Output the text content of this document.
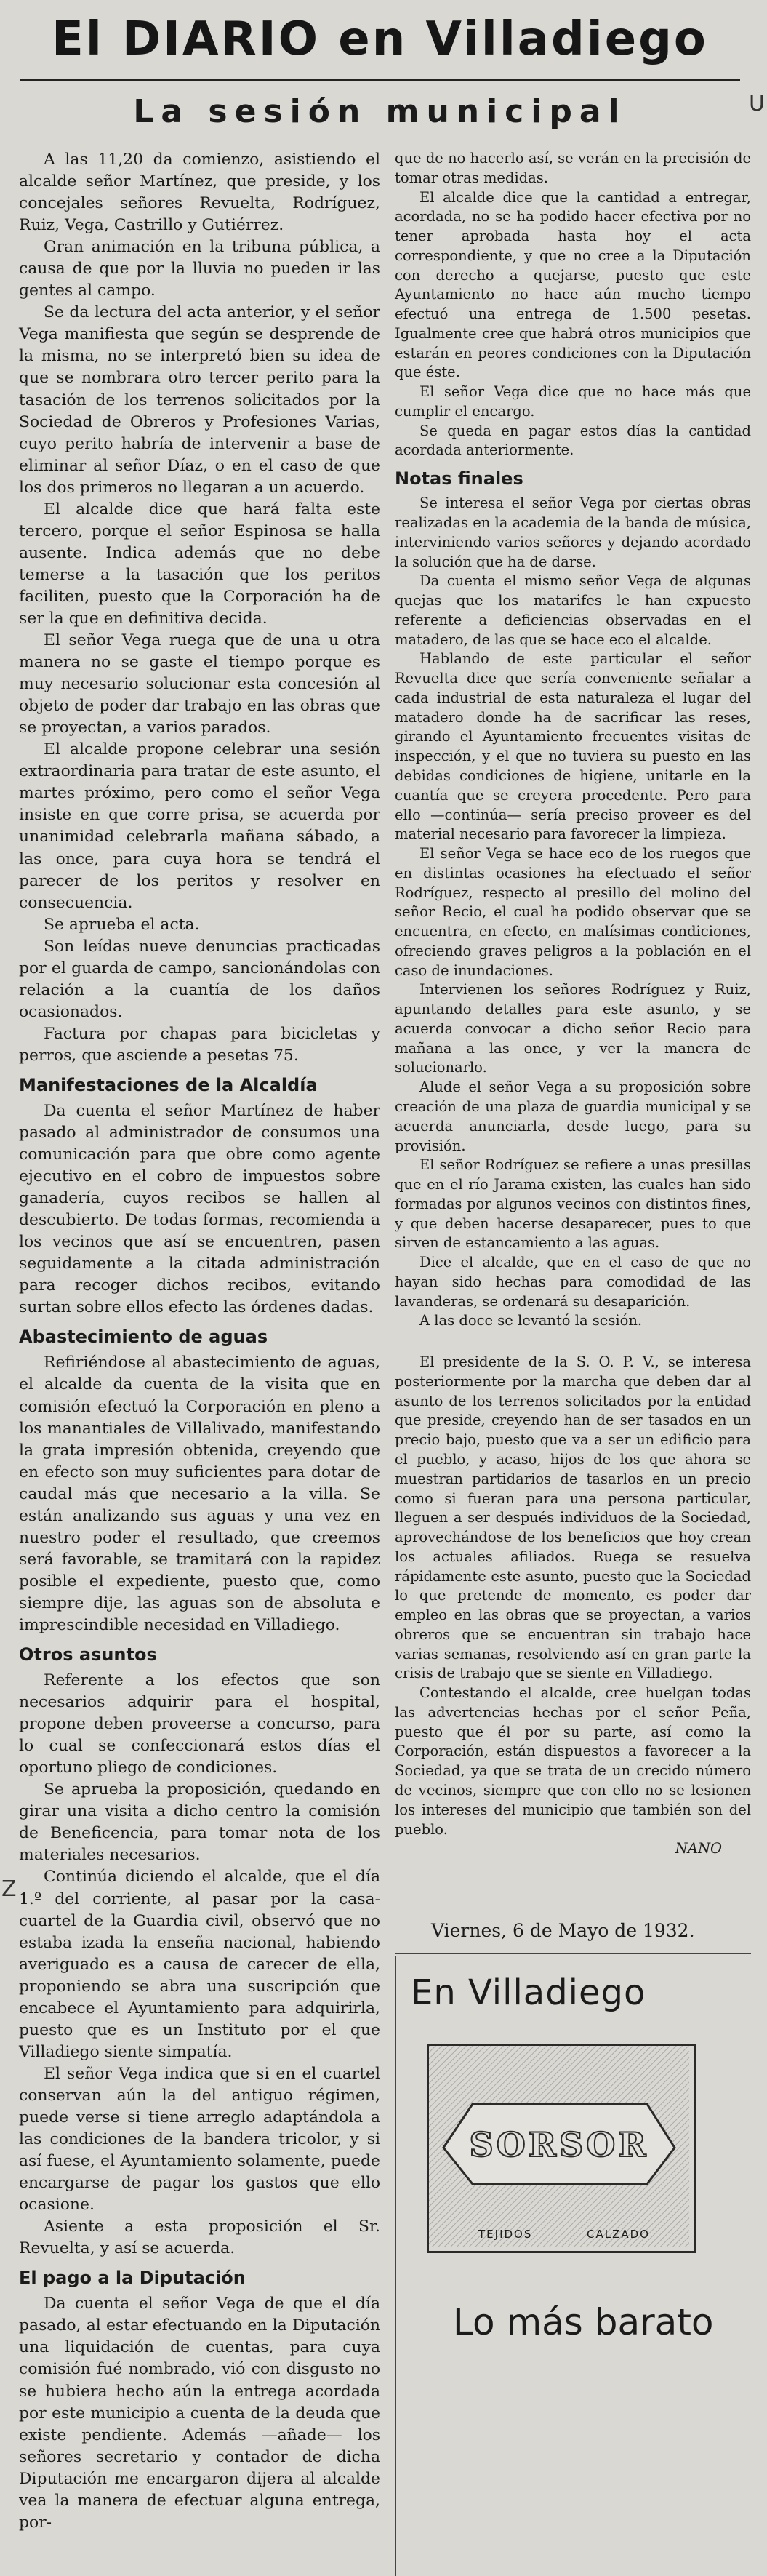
El DIARIO en Villadiego
La sesión municipal

A las 11,20 da comienzo, asistiendo el alcalde señor Martínez, que preside, y los concejales señores Revuelta, Rodríguez, Ruiz, Vega, Castrillo y Gutiérrez.

Gran animación en la tribuna pública, a causa de que por la lluvia no pueden ir las gentes al campo.

Se da lectura del acta anterior, y el señor Vega manifiesta que según se desprende de la misma, no se interpretó bien su idea de que se nombrara otro tercer perito para la tasación de los terrenos solicitados por la Sociedad de Obreros y Profesiones Varias, cuyo perito habría de intervenir a base de eliminar al señor Díaz, o en el caso de que los dos primeros no llegaran a un acuerdo.

El alcalde dice que hará falta este tercero, porque el señor Espinosa se halla ausente. Indica además que no debe temerse a la tasación que los peritos faciliten, puesto que la Corporación ha de ser la que en definitiva decida.

El señor Vega ruega que de una u otra manera no se gaste el tiempo porque es muy necesario solucionar esta concesión al objeto de poder dar trabajo en las obras que se proyectan, a varios parados.

El alcalde propone celebrar una sesión extraordinaria para tratar de este asunto, el martes próximo, pero como el señor Vega insiste en que corre prisa, se acuerda por unanimidad celebrarla mañana sábado, a las once, para cuya hora se tendrá el parecer de los peritos y resolver en consecuencia.

Se aprueba el acta.

Son leídas nueve denuncias practicadas por el guarda de campo, sancionándolas con relación a la cuantía de los daños ocasionados.

Factura por chapas para bicicletas y perros, que asciende a pesetas 75.

Manifestaciones de la Alcaldía

Da cuenta el señor Martínez de haber pasado al administrador de consumos una comunicación para que obre como agente ejecutivo en el cobro de impuestos sobre ganadería, cuyos recibos se hallen al descubierto. De todas formas, recomienda a los vecinos que así se encuentren, pasen seguidamente a la citada administración para recoger dichos recibos, evitando surtan sobre ellos efecto las órdenes dadas.

Abastecimiento de aguas

Refiriéndose al abastecimiento de aguas, el alcalde da cuenta de la visita que en comisión efectuó la Corporación en pleno a los manantiales de Villalivado, manifestando la grata impresión obtenida, creyendo que en efecto son muy suficientes para dotar de caudal más que necesario a la villa. Se están analizando sus aguas y una vez en nuestro poder el resultado, que creemos será favorable, se tramitará con la rapidez posible el expediente, puesto que, como siempre dije, las aguas son de absoluta e imprescindible necesidad en Villadiego.

Otros asuntos

Referente a los efectos que son necesarios adquirir para el hospital, propone deben proveerse a concurso, para lo cual se confeccionará estos días el oportuno pliego de condiciones.

Se aprueba la proposición, quedando en girar una visita a dicho centro la comisión de Beneficencia, para tomar nota de los materiales necesarios.

Continúa diciendo el alcalde, que el día 1.º del corriente, al pasar por la casa-cuartel de la Guardia civil, observó que no estaba izada la enseña nacional, habiendo averiguado es a causa de carecer de ella, proponiendo se abra una suscripción que encabece el Ayuntamiento para adquirirla, puesto que es un Instituto por el que Villadiego siente simpatía.

El señor Vega indica que si en el cuartel conservan aún la del antiguo régimen, puede verse si tiene arreglo adaptándola a las condiciones de la bandera tricolor, y si así fuese, el Ayuntamiento solamente, puede encargarse de pagar los gastos que ello ocasione.

Asiente a esta proposición el Sr. Revuelta, y así se acuerda.

El pago a la Diputación

Da cuenta el señor Vega de que el día pasado, al estar efectuando en la Diputación una liquidación de cuentas, para cuya comisión fué nombrado, vió con disgusto no se hubiera hecho aún la entrega acordada por este municipio a cuenta de la deuda que existe pendiente. Además —añade— los señores secretario y contador de dicha Diputación me encargaron dijera al alcalde vea la manera de efectuar alguna entrega, por-

que de no hacerlo así, se verán en la precisión de tomar otras medidas.

El alcalde dice que la cantidad a entregar, acordada, no se ha podido hacer efectiva por no tener aprobada hasta hoy el acta correspondiente, y que no cree a la Diputación con derecho a quejarse, puesto que este Ayuntamiento no hace aún mucho tiempo efectuó una entrega de 1.500 pesetas. Igualmente cree que habrá otros municipios que estarán en peores condiciones con la Diputación que éste.

El señor Vega dice que no hace más que cumplir el encargo.

Se queda en pagar estos días la cantidad acordada anteriormente.

Notas finales

Se interesa el señor Vega por ciertas obras realizadas en la academia de la banda de música, interviniendo varios señores y dejando acordado la solución que ha de darse.

Da cuenta el mismo señor Vega de algunas quejas que los matarifes le han expuesto referente a deficiencias observadas en el matadero, de las que se hace eco el alcalde.

Hablando de este particular el señor Revuelta dice que sería conveniente señalar a cada industrial de esta naturaleza el lugar del matadero donde ha de sacrificar las reses, girando el Ayuntamiento frecuentes visitas de inspección, y el que no tuviera su puesto en las debidas condiciones de higiene, unitarle en la cuantía que se creyera procedente. Pero para ello —continúa— sería preciso proveer es del material necesario para favorecer la limpieza.

El señor Vega se hace eco de los ruegos que en distintas ocasiones ha efectuado el señor Rodríguez, respecto al presillo del molino del señor Recio, el cual ha podido observar que se encuentra, en efecto, en malísimas condiciones, ofreciendo graves peligros a la población en el caso de inundaciones.

Intervienen los señores Rodríguez y Ruiz, apuntando detalles para este asunto, y se acuerda convocar a dicho señor Recio para mañana a las once, y ver la manera de solucionarlo.

Alude el señor Vega a su proposición sobre creación de una plaza de guardia municipal y se acuerda anunciarla, desde luego, para su provisión.

El señor Rodríguez se refiere a unas presillas que en el río Jarama existen, las cuales han sido formadas por algunos vecinos con distintos fines, y que deben hacerse desaparecer, pues to que sirven de estancamiento a las aguas.

Dice el alcalde, que en el caso de que no hayan sido hechas para comodidad de las lavanderas, se ordenará su desaparición.

A las doce se levantó la sesión.

El presidente de la S. O. P. V., se interesa posteriormente por la marcha que deben dar al asunto de los terrenos solicitados por la entidad que preside, creyendo han de ser tasados en un precio bajo, puesto que va a ser un edificio para el pueblo, y acaso, hijos de los que ahora se muestran partidarios de tasarlos en un precio como si fueran para una persona particular, lleguen a ser después individuos de la Sociedad, aprovechándose de los beneficios que hoy crean los actuales afiliados. Ruega se resuelva rápidamente este asunto, puesto que la Sociedad lo que pretende de momento, es poder dar empleo en las obras que se proyectan, a varios obreros que se encuentran sin trabajo hace varias semanas, resolviendo así en gran parte la crisis de trabajo que se siente en Villadiego.

Contestando el alcalde, cree huelgan todas las advertencias hechas por el señor Peña, puesto que él por su parte, así como la Corporación, están dispuestos a favorecer a la Sociedad, ya que se trata de un crecido número de vecinos, siempre que con ello no se lesionen los intereses del municipio que también son del pueblo.

NANO

Viernes, 6 de Mayo de 1932.
En Villadiego
SORSOR
TEJIDOS	CALZADO

Lo más barato

U
Z
